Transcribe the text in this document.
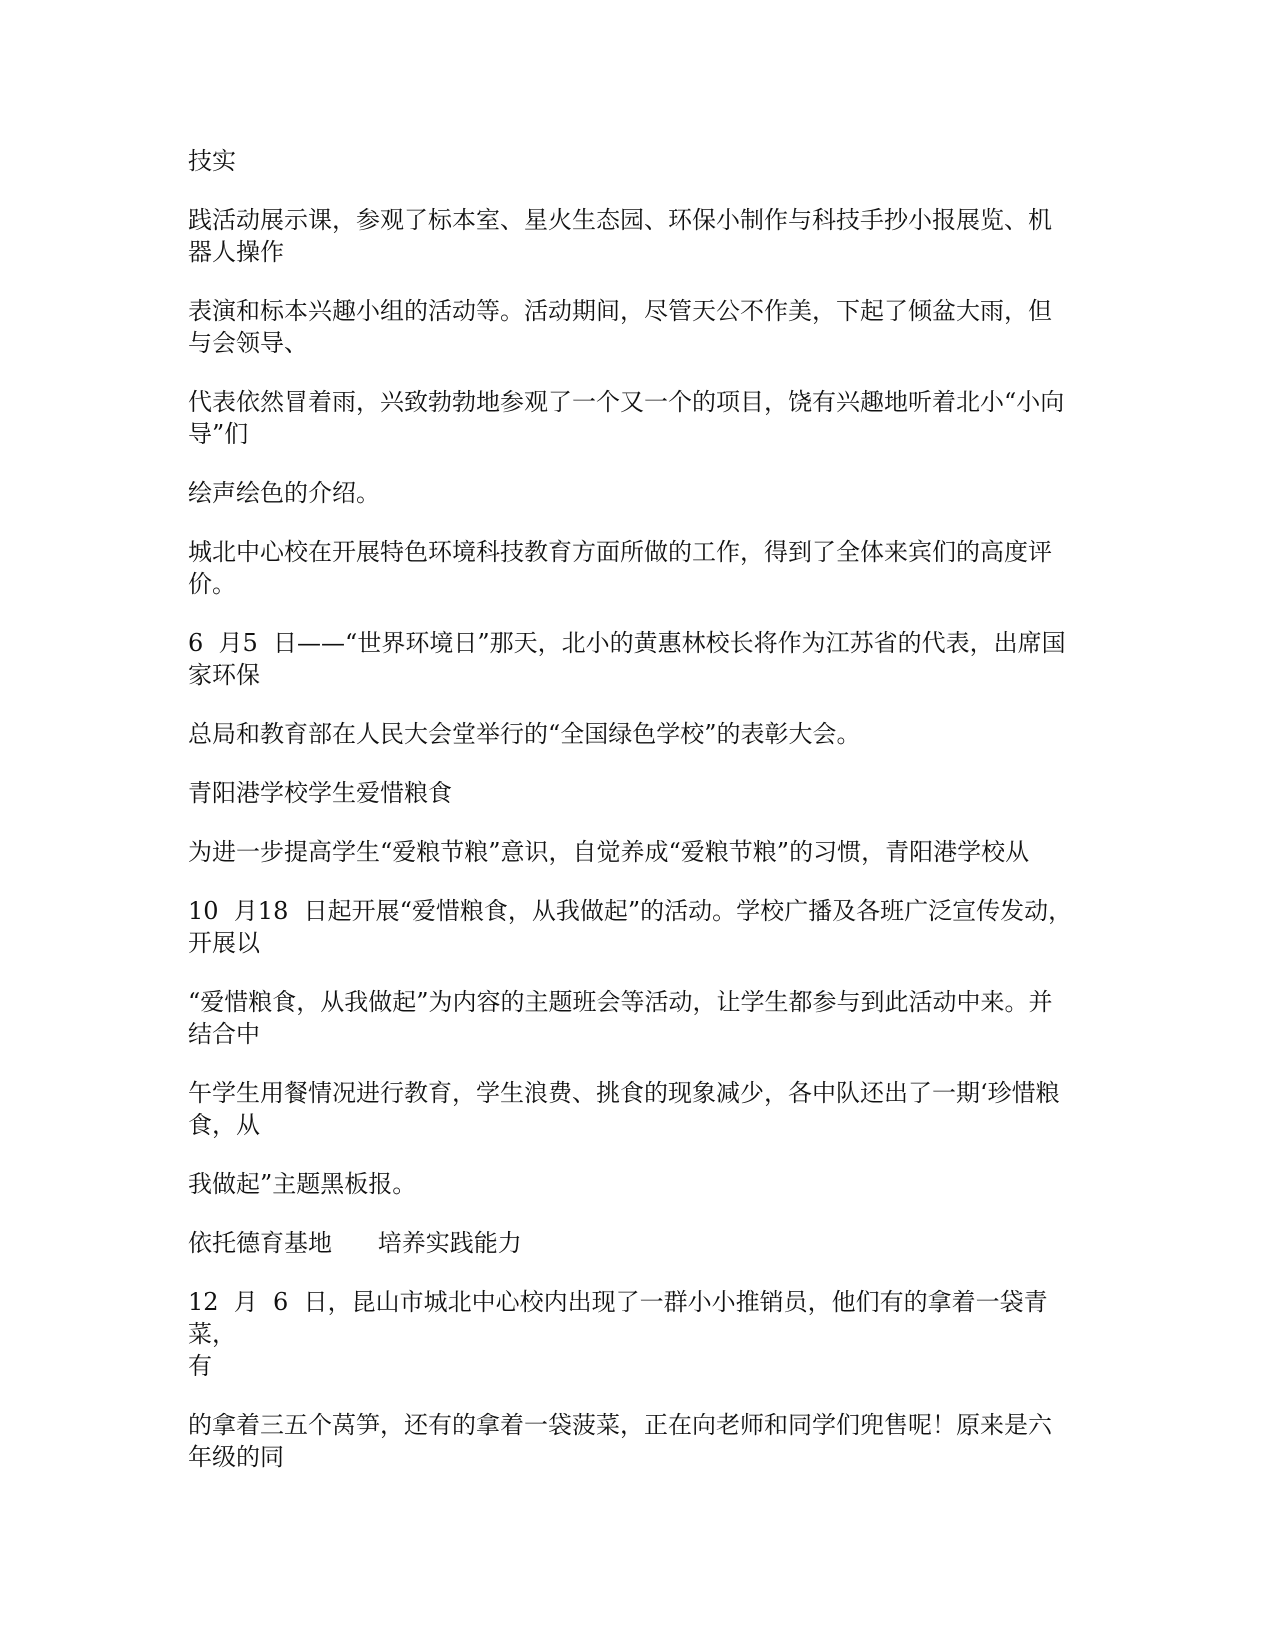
技实

践活动展示课，参观了标本室、星火生态园、环保小制作与科技手抄小报展览、机
器人操作

表演和标本兴趣小组的活动等。活动期间，尽管天公不作美，下起了倾盆大雨，但
与会领导、

代表依然冒着雨，兴致勃勃地参观了一个又一个的项目，饶有兴趣地听着北小“小向
导”们

绘声绘色的介绍。

城北中心校在开展特色环境科技教育方面所做的工作，得到了全体来宾们的高度评
价。

6  月5  日——“世界环境日”那天，北小的黄惠林校长将作为江苏省的代表，出席国
家环保

总局和教育部在人民大会堂举行的“全国绿色学校”的表彰大会。

青阳港学校学生爱惜粮食

为进一步提高学生“爱粮节粮”意识，自觉养成“爱粮节粮”的习惯，青阳港学校从

10  月18  日起开展“爱惜粮食，从我做起”的活动。学校广播及各班广泛宣传发动，
开展以

“爱惜粮食，从我做起”为内容的主题班会等活动，让学生都参与到此活动中来。并
结合中

午学生用餐情况进行教育，学生浪费、挑食的现象减少，各中队还出了一期‘珍惜粮
食，从

我做起”主题黑板报。

依托德育基地      培养实践能力

12  月  6  日，昆山市城北中心校内出现了一群小小推销员，他们有的拿着一袋青菜，
有

的拿着三五个莴笋，还有的拿着一袋菠菜，正在向老师和同学们兜售呢！原来是六
年级的同
